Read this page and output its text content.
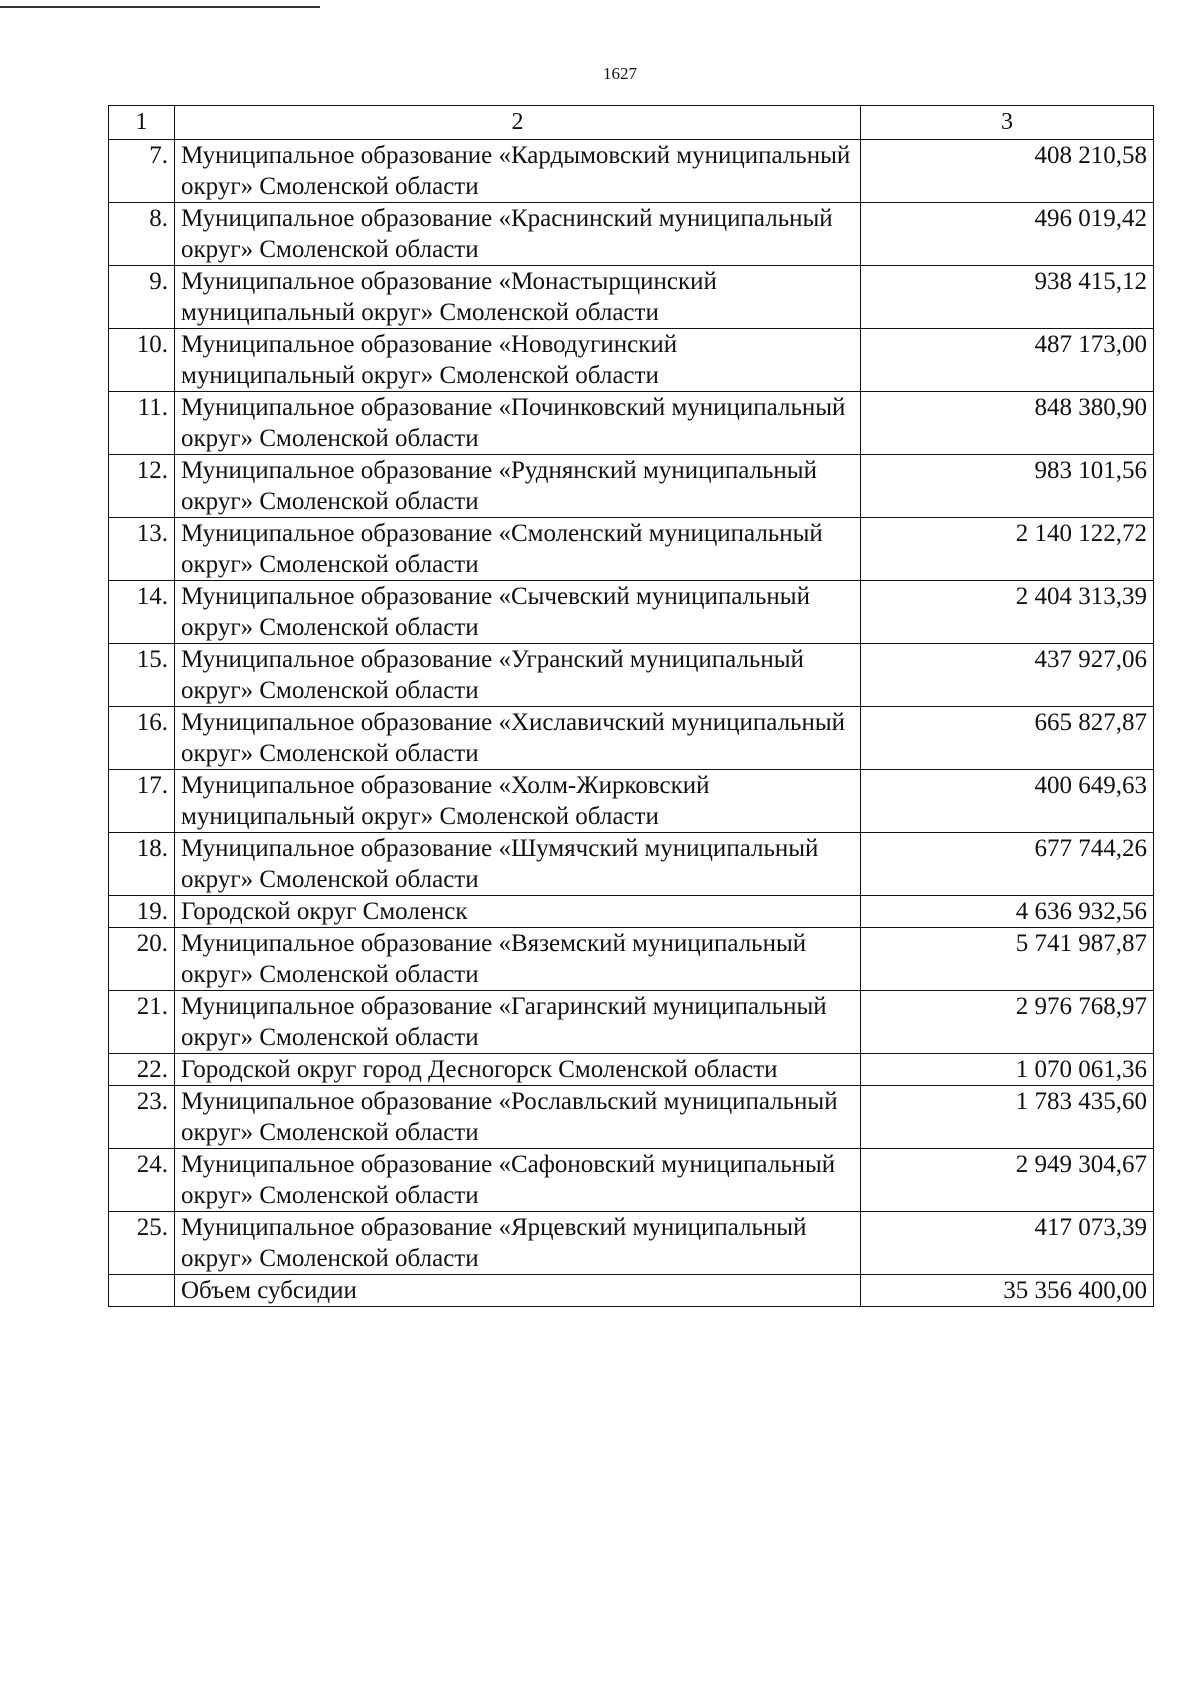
1627
1	2	3
7.	Муниципальное образование «Кардымовский муниципальный округ» Смоленской области	408 210,58
8.	Муниципальное образование «Краснинский муниципальный округ» Смоленской области	496 019,42
9.	Муниципальное образование «Монастырщинский муниципальный округ» Смоленской области	938 415,12
10.	Муниципальное образование «Новодугинский муниципальный округ» Смоленской области	487 173,00
11.	Муниципальное образование «Починковский муниципальный округ» Смоленской области	848 380,90
12.	Муниципальное образование «Руднянский муниципальный округ» Смоленской области	983 101,56
13.	Муниципальное образование «Смоленский муниципальный округ» Смоленской области	2 140 122,72
14.	Муниципальное образование «Сычевский муниципальный округ» Смоленской области	2 404 313,39
15.	Муниципальное образование «Угранский муниципальный округ» Смоленской области	437 927,06
16.	Муниципальное образование «Хиславичский муниципальный округ» Смоленской области	665 827,87
17.	Муниципальное образование «Холм-Жирковский муниципальный округ» Смоленской области	400 649,63
18.	Муниципальное образование «Шумячский муниципальный округ» Смоленской области	677 744,26
19.	Городской округ Смоленск	4 636 932,56
20.	Муниципальное образование «Вяземский муниципальный округ» Смоленской области	5 741 987,87
21.	Муниципальное образование «Гагаринский муниципальный округ» Смоленской области	2 976 768,97
22.	Городской округ город Десногорск Смоленской области	1 070 061,36
23.	Муниципальное образование «Рославльский муниципальный округ» Смоленской области	1 783 435,60
24.	Муниципальное образование «Сафоновский муниципальный округ» Смоленской области	2 949 304,67
25.	Муниципальное образование «Ярцевский муниципальный округ» Смоленской области	417 073,39
	Объем субсидии	35 356 400,00
